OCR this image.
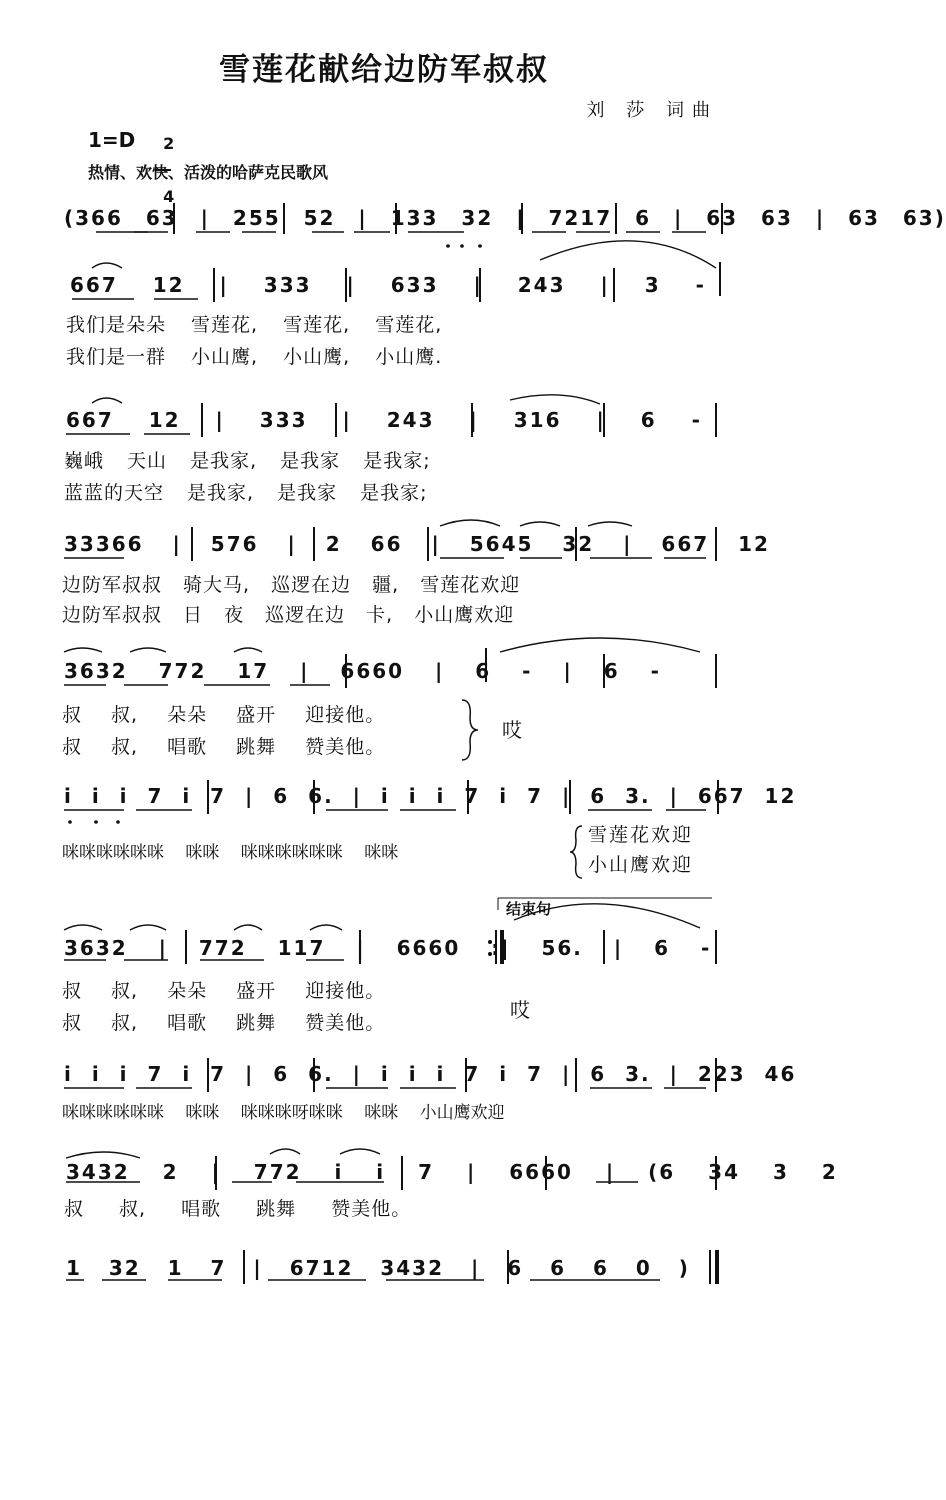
雪莲花献给边防军叔叔
刘 莎 词曲
1=D	2

4

热情、欢快、活泼的哈萨克民歌风
(366 63 | 255 52 | 133 32 | 7217 6 | 63 63 | 63 63)
667 12 | 333 | 633 | 243 | 3 -
我们是朵朵 雪莲花, 雪莲花, 雪莲花,
我们是一群 小山鹰, 小山鹰, 小山鹰.
667 12 | 333 | 243 | 316 | 6 -
巍峨 天山 是我家, 是我家 是我家;
蓝蓝的天空 是我家, 是我家 是我家;
33366 | 576 | 2 66 | 5645 32 | 667 12
边防军叔叔 骑大马, 巡逻在边 疆, 雪莲花欢迎
边防军叔叔 日 夜 巡逻在边 卡, 小山鹰欢迎
3632 772 17 | 6660 | 6 - | 6 -
叔 叔, 朵朵 盛开 迎接他。
叔 叔, 唱歌 跳舞 赞美他。
哎
i i i 7 i 7 | 6 6. | i i i 7 i 7 | 6 3. | 667 12
咪咪咪咪咪咪 咪咪 咪咪咪咪咪咪 咪咪
雪莲花欢迎
小山鹰欢迎
结束句
3632 | 772 117 | 6660 :| 56. | 6 -
叔 叔, 朵朵 盛开 迎接他。
叔 叔, 唱歌 跳舞 赞美他。
哎
i i i 7 i 7 | 6 6. | i i i 7 i 7 | 6 3. | 223 46
咪咪咪咪咪咪 咪咪 咪咪咪呀咪咪 咪咪 小山鹰欢迎
3432 2 | 772 i i 7 | 6660 | (6 34 3 2
叔 叔, 唱歌 跳舞 赞美他。
1 32 1 7 | 6712 3432 | 6 6 6 0 )
